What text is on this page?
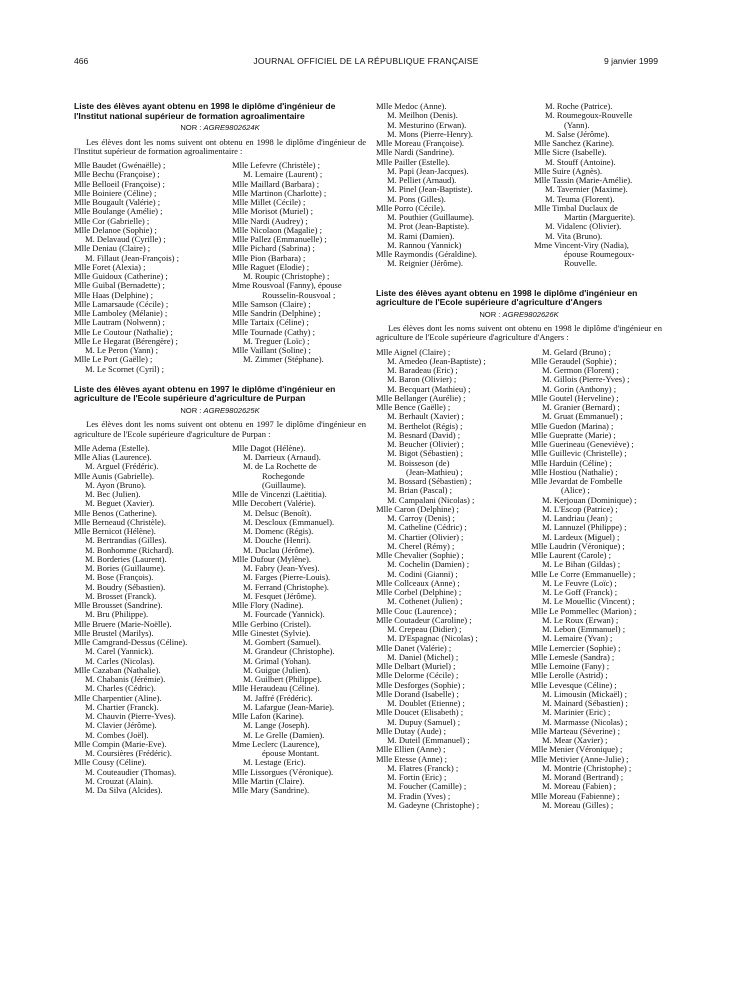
466	JOURNAL OFFICIEL DE LA RÉPUBLIQUE FRANÇAISE	9 janvier 1999

Liste des élèves ayant obtenu en 1998 le diplôme d'ingénieur de l'Institut national supérieur de formation agroalimentaire

NOR : AGRE9802624K

Les élèves dont les noms suivent ont obtenu en 1998 le diplôme d'ingénieur de l'Institut supérieur de formation agroalimentaire :

Mlle Baudet (Gwénaëlle) ;
Mlle Bechu (Françoise) ;
Mlle Belloeil (Françoise) ;
Mlle Boiniere (Céline) ;
Mlle Bougault (Valérie) ;
Mlle Boulange (Amélie) ;
Mlle Cor (Gabrielle) ;
Mlle Delanoe (Sophie) ;
M. Delavaud (Cyrille) ;
Mlle Deniau (Claire) ;
M. Fillaut (Jean-François) ;
Mlle Foret (Alexia) ;
Mlle Guidoux (Catherine) ;
Mlle Guibal (Bernadette) ;
Mlle Haas (Delphine) ;
Mlle Lamarsaude (Cécile) ;
Mlle Lamboley (Mélanie) ;
Mlle Lautram (Nolwenn) ;
Mlle Le Coutour (Nathalie) ;
Mlle Le Hegarat (Bérengère) ;
M. Le Peron (Yann) ;
Mlle Le Port (Gaëlle) ;
M. Le Scornet (Cyril) ;
Mlle Lefevre (Christèle) ;
M. Lemaire (Laurent) ;
Mlle Maillard (Barbara) ;
Mlle Martinon (Charlotte) ;
Mlle Millet (Cécile) ;
Mlle Morisot (Muriel) ;
Mlle Nardi (Audrey) ;
Mlle Nicolaon (Magalie) ;
Mlle Pallez (Emmanuelle) ;
Mlle Pichard (Sabrina) ;
Mlle Pion (Barbara) ;
Mlle Raguet (Elodie) ;
M. Roupic (Christophe) ;
Mme Rousvoal (Fanny), épouse
Rousselin-Rousvoal ;
Mlle Samson (Claire) ;
Mlle Sandrin (Delphine) ;
Mlle Tartaix (Céline) ;
Mlle Tournade (Cathy) ;
M. Treguer (Loïc) ;
Mlle Vaillant (Soline) ;
M. Zimmer (Stéphane).

Liste des élèves ayant obtenu en 1997 le diplôme d'ingénieur en agriculture de l'Ecole supérieure d'agriculture de Purpan

NOR : AGRE9802625K

Les élèves dont les noms suivent ont obtenu en 1997 le diplôme d'ingénieur en agriculture de l'Ecole supérieure d'agriculture de Purpan :

Mlle Adema (Estelle).
Mlle Alias (Laurence).
M. Arguel (Frédéric).
Mlle Aunis (Gabrielle).
M. Ayon (Bruno).
M. Bec (Julien).
M. Beguet (Xavier).
Mlle Benos (Catherine).
Mlle Berneaud (Christèle).
Mlle Bernicot (Hélène).
M. Bertrandias (Gilles).
M. Bonhomme (Richard).
M. Borderies (Laurent).
M. Bories (Guillaume).
M. Bose (François).
M. Boudry (Sébastien).
M. Brosset (Franck).
Mlle Brousset (Sandrine).
M. Bru (Philippe).
Mlle Bruere (Marie-Noëlle).
Mlle Brustel (Marilys).
Mlle Camgrand-Dessus (Céline).
M. Carel (Yannick).
M. Carles (Nicolas).
Mlle Cazaban (Nathalie).
M. Chabanis (Jérémie).
M. Charles (Cédric).
Mlle Charpentier (Aline).
M. Chartier (Franck).
M. Chauvin (Pierre-Yves).
M. Clavier (Jérôme).
M. Combes (Joël).
Mlle Compin (Marie-Eve).
M. Coursières (Frédéric).
Mlle Cousy (Céline).
M. Couteaudier (Thomas).
M. Crouzat (Alain).
M. Da Silva (Alcides).
Mlle Dagot (Hélène).
M. Darrieux (Arnaud).
M. de La Rochette de
Rochegonde
(Guillaume).
Mlle de Vincenzi (Laëtitia).
Mlle Decobert (Valérie).
M. Delsuc (Benoît).
M. Descloux (Emmanuel).
M. Domenc (Régis).
M. Douche (Henri).
M. Duclau (Jérôme).
Mlle Dufour (Mylène).
M. Fabry (Jean-Yves).
M. Farges (Pierre-Louis).
M. Ferrand (Christophe).
M. Fesquet (Jérôme).
Mlle Flory (Nadine).
M. Fourcade (Yannick).
Mlle Gerbino (Cristel).
Mlle Ginestet (Sylvie).
M. Gombert (Samuel).
M. Grandeur (Christophe).
M. Grimal (Yohan).
M. Guigue (Julien).
M. Guilbert (Philippe).
Mlle Heraudeau (Céline).
M. Jaffré (Frédéric).
M. Lafargue (Jean-Marie).
Mlle Lafon (Karine).
M. Lange (Joseph).
M. Le Grelle (Damien).
Mme Leclerc (Laurence),
épouse Montant.
M. Lestage (Eric).
Mlle Lissorgues (Véronique).
Mlle Martin (Claire).
Mlle Mary (Sandrine).
Mlle Medoc (Anne).
M. Meilhon (Denis).
M. Mesturino (Erwan).
M. Mons (Pierre-Henry).
Mlle Moreau (Françoise).
Mlle Nardi (Sandrine).
Mlle Pailler (Estelle).
M. Papi (Jean-Jacques).
M. Pelliet (Arnaud).
M. Pinel (Jean-Baptiste).
M. Pons (Gilles).
Mlle Porro (Cécile).
M. Pouthier (Guillaume).
M. Prot (Jean-Baptiste).
M. Rami (Damien).
M. Rannou (Yannick)
Mlle Raymondis (Géraldine).
M. Reignier (Jérôme).
M. Roche (Patrice).
M. Roumegoux-Rouvelle
(Yann).
M. Salse (Jérôme).
Mlle Sanchez (Karine).
Mlle Sicre (Isabelle).
M. Stouff (Antoine).
Mlle Suire (Agnès).
Mlle Tassin (Marie-Amélie).
M. Tavernier (Maxime).
M. Teuma (Florent).
Mlle Timbal Duclaux de
Martin (Marguerite).
M. Vidalenc (Olivier).
M. Vita (Bruno).
Mme Vincent-Viry (Nadia),
épouse Roumegoux-
Rouvelle.

Liste des élèves ayant obtenu en 1998 le diplôme d'ingénieur en agriculture de l'Ecole supérieure d'agriculture d'Angers

NOR : AGRE9802626K

Les élèves dont les noms suivent ont obtenu en 1998 le diplôme d'ingénieur en agriculture de l'Ecole supérieure d'agriculture d'Angers :

Mlle Aignel (Claire) ;
M. Amedeo (Jean-Baptiste) ;
M. Baradeau (Eric) ;
M. Baron (Olivier) ;
M. Becquart (Mathieu) ;
Mlle Bellanger (Aurélie) ;
Mlle Bence (Gaëlle) ;
M. Berhault (Xavier) ;
M. Berthelot (Régis) ;
M. Besnard (David) ;
M. Beucher (Olivier) ;
M. Bigot (Sébastien) ;
M. Boisseson (de)
(Jean-Mathieu) ;
M. Bossard (Sébastien) ;
M. Brian (Pascal) ;
M. Campalani (Nicolas) ;
Mlle Caron (Delphine) ;
M. Carroy (Denis) ;
M. Catheline (Cédric) ;
M. Chartier (Olivier) ;
M. Cherel (Rémy) ;
Mlle Chevalier (Sophie) ;
M. Cochelin (Damien) ;
M. Codini (Gianni) ;
Mlle Collceaux (Anne) ;
Mlle Corbel (Delphine) ;
M. Cothenet (Julien) ;
Mlle Couc (Laurence) ;
Mlle Coutadeur (Caroline) ;
M. Crepeau (Didier) ;
M. D'Espagnac (Nicolas) ;
Mlle Danet (Valérie) ;
M. Daniel (Michel) ;
Mlle Delbart (Muriel) ;
Mlle Delorme (Cécile) ;
Mlle Desforges (Sophie) ;
Mlle Dorand (Isabelle) ;
M. Doublet (Etienne) ;
Mlle Doucet (Elisabeth) ;
M. Dupuy (Samuel) ;
Mlle Dutay (Aude) ;
M. Duteil (Emmanuel) ;
Mlle Ellien (Anne) ;
Mlle Etesse (Anne) ;
M. Flatres (Franck) ;
M. Fortin (Eric) ;
M. Foucher (Camille) ;
M. Fradin (Yves) ;
M. Gadeyne (Christophe) ;
M. Gelard (Bruno) ;
Mlle Geraudel (Sophie) ;
M. Germon (Florent) ;
M. Gillois (Pierre-Yves) ;
M. Gorin (Anthony) ;
Mlle Goutel (Herveline) ;
M. Granier (Bernard) ;
M. Gruat (Emmanuel) ;
Mlle Guedon (Marina) ;
Mlle Guepratte (Marie) ;
Mlle Guerineau (Geneviève) ;
Mlle Guillevic (Christelle) ;
Mlle Harduin (Céline) ;
Mlle Hostiou (Nathalie) ;
Mlle Jevardat de Fombelle
(Alice) ;
M. Kerjouan (Dominique) ;
M. L'Escop (Patrice) ;
M. Landriau (Jean) ;
M. Lannuzel (Philippe) ;
M. Lardeux (Miguel) ;
Mlle Laudrin (Véronique) ;
Mlle Laurent (Carole) ;
M. Le Bihan (Gildas) ;
Mlle Le Corre (Emmanuelle) ;
M. Le Feuvre (Loïc) ;
M. Le Goff (Franck) ;
M. Le Mouellic (Vincent) ;
Mlle Le Pommellec (Marion) ;
M. Le Roux (Erwan) ;
M. Lebon (Emmanuel) ;
M. Lemaire (Yvan) ;
Mlle Lemercier (Sophie) ;
Mlle Lemesle (Sandra) ;
Mlle Lemoine (Fany) ;
Mlle Lerolle (Astrid) ;
Mlle Levesque (Céline) ;
M. Limousin (Mickaël) ;
M. Mainard (Sébastien) ;
M. Marinier (Eric) ;
M. Marmasse (Nicolas) ;
Mlle Marteau (Séverine) ;
M. Mear (Xavier) ;
Mlle Menier (Véronique) ;
Mlle Metivier (Anne-Julie) ;
M. Montrie (Christophe) ;
M. Morand (Bertrand) ;
M. Moreau (Fabien) ;
Mlle Moreau (Fabienne) ;
M. Moreau (Gilles) ;
